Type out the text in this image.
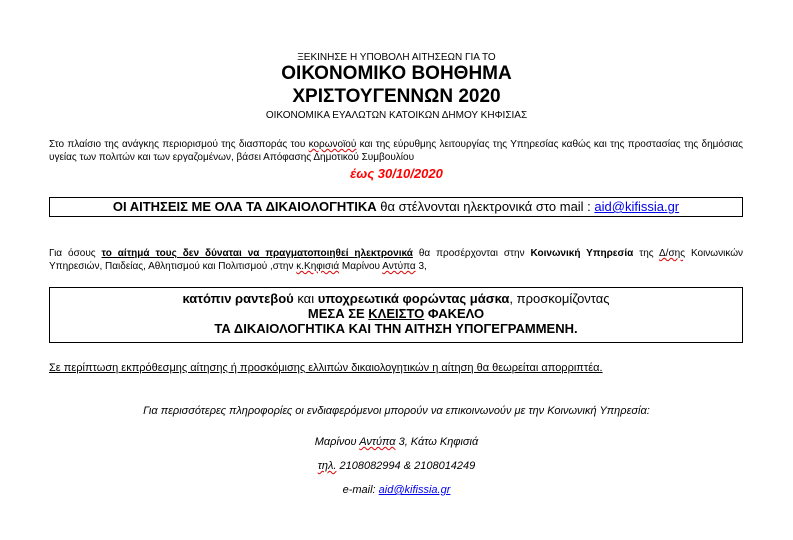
ΞΕΚΙΝΗΣΕ Η ΥΠΟΒΟΛΗ ΑΙΤΗΣΕΩΝ ΓΙΑ ΤΟ
ΟΙΚΟΝΟΜΙΚΟ ΒΟΗΘΗΜΑ
ΧΡΙΣΤΟΥΓΕΝΝΩΝ 2020
ΟΙΚΟΝΟΜΙΚΑ ΕΥΑΛΩΤΩΝ ΚΑΤΟΙΚΩΝ ΔΗΜΟΥ ΚΗΦΙΣΙΑΣ
Στο πλαίσιο της ανάγκης περιορισμού της διασποράς του κορωνοϊού και της εύρυθμης λειτουργίας της Υπηρεσίας καθώς και της προστασίας της δημόσιας υγείας των πολιτών και των εργαζομένων, βάσει Απόφασης Δημοτικού Συμβουλίου
έως 30/10/2020
ΟΙ ΑΙΤΗΣΕΙΣ ΜΕ ΟΛΑ ΤΑ ΔΙΚΑΙΟΛΟΓΗΤΙΚΑ θα στέλνονται ηλεκτρονικά στο mail : aid@kifissia.gr
Για όσους το αίτημά τους δεν δύναται να πραγματοποιηθεί ηλεκτρονικά θα προσέρχονται στην Κοινωνική Υπηρεσία της Δ/σης Κοινωνικών Υπηρεσιών, Παιδείας, Αθλητισμού και Πολιτισμού ,στην κ.Κηφισιά Μαρίνου Αντύπα 3,
κατόπιν ραντεβού και υποχρεωτικά φορώντας μάσκα, προσκομίζοντας
ΜΕΣΑ ΣΕ ΚΛΕΙΣΤΟ ΦΑΚΕΛΟ
ΤΑ ΔΙΚΑΙΟΛΟΓΗΤΙΚΑ ΚΑΙ ΤΗΝ ΑΙΤΗΣΗ ΥΠΟΓΕΓΡΑΜΜΕΝΗ.
Σε περίπτωση εκπρόθεσμης αίτησης ή προσκόμισης ελλιπών δικαιολογητικών η αίτηση θα θεωρείται απορριπτέα.
Για περισσότερες πληροφορίες οι ενδιαφερόμενοι μπορούν να επικοινωνούν με την Κοινωνική Υπηρεσία:
Μαρίνου Αντύπα 3, Κάτω Κηφισιά
τηλ. 2108082994 & 2108014249
e-mail: aid@kifissia.gr
